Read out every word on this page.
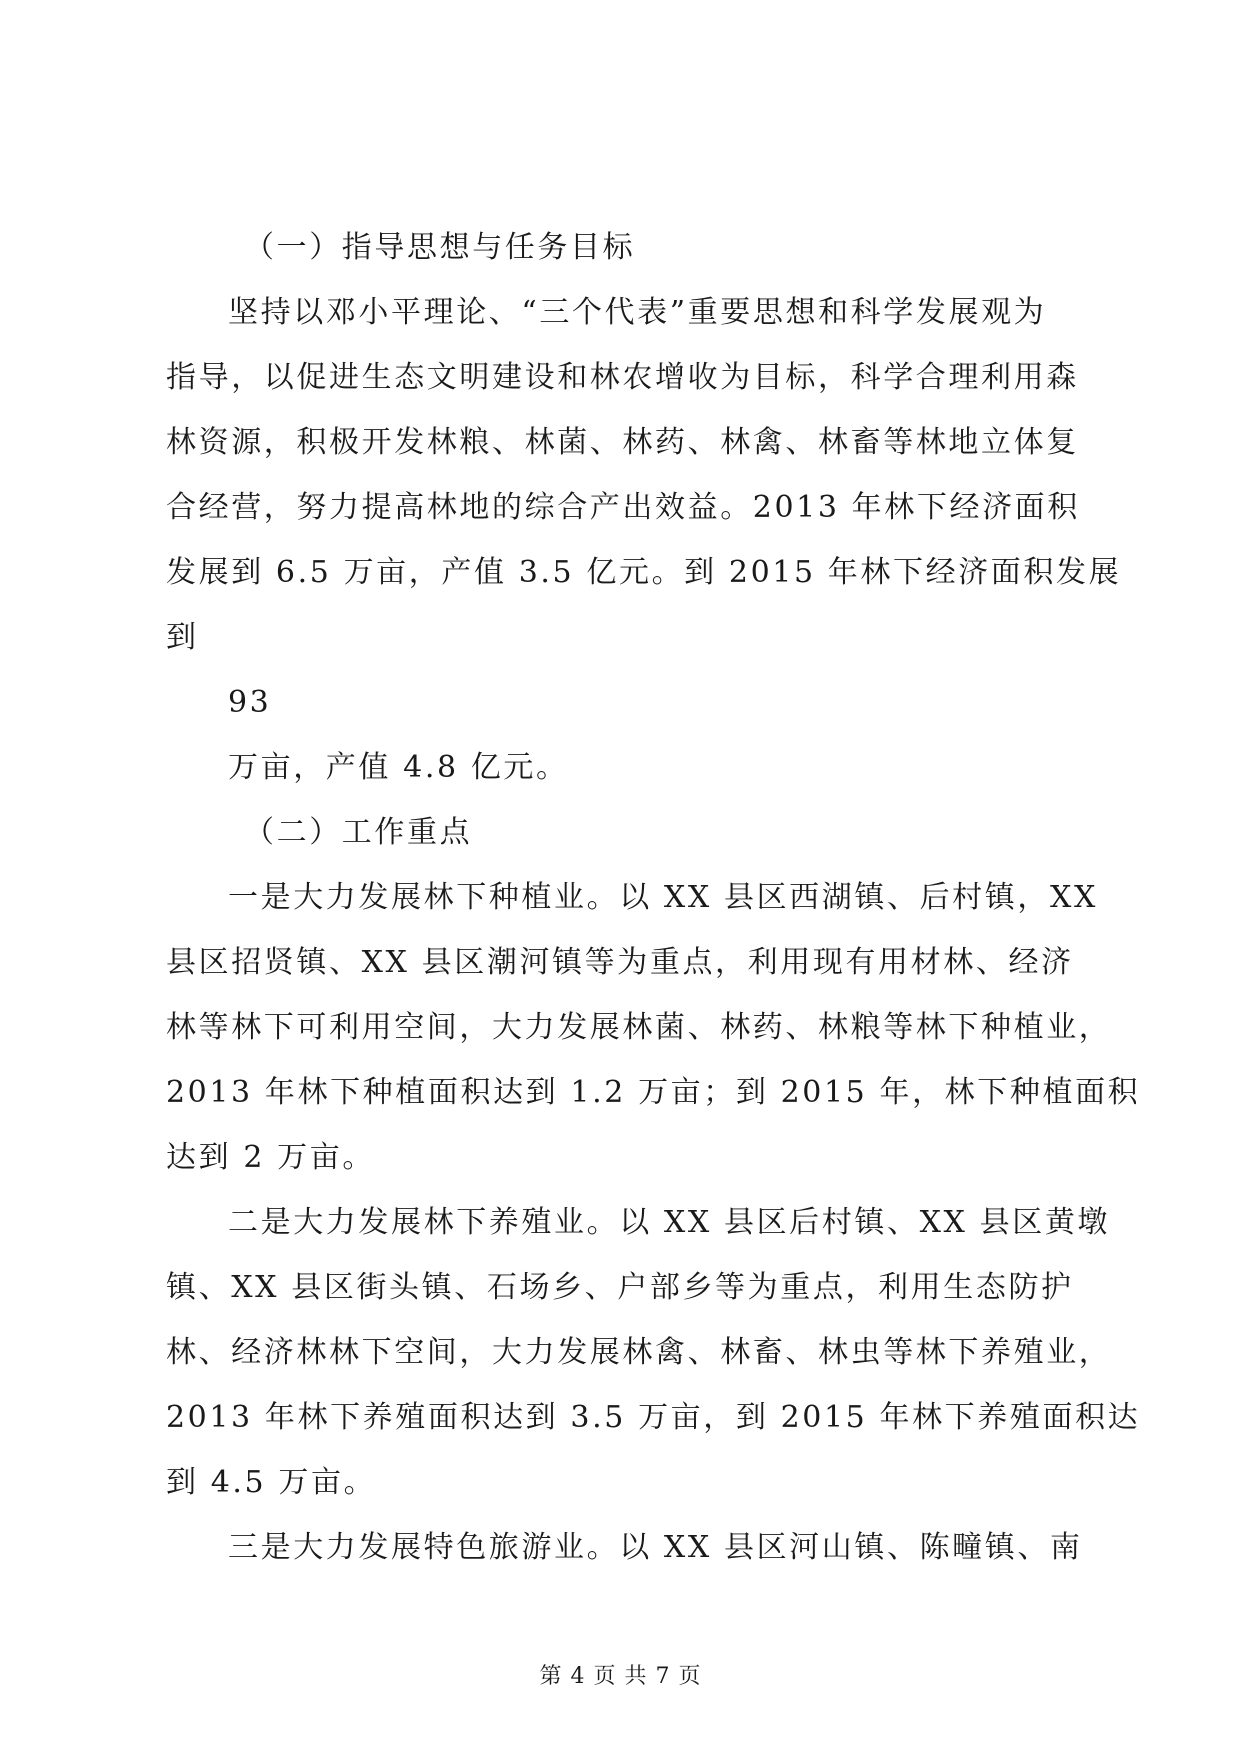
（一）指导思想与任务目标
坚持以邓小平理论、“三个代表”重要思想和科学发展观为
指导，以促进生态文明建设和林农增收为目标，科学合理利用森
林资源，积极开发林粮、林菌、林药、林禽、林畜等林地立体复
合经营，努力提高林地的综合产出效益。2013 年林下经济面积
发展到 6.5 万亩，产值 3.5 亿元。到 2015 年林下经济面积发展
到
93
万亩，产值 4.8 亿元。
（二）工作重点
一是大力发展林下种植业。以 XX 县区西湖镇、后村镇，XX
县区招贤镇、XX 县区潮河镇等为重点，利用现有用材林、经济
林等林下可利用空间，大力发展林菌、林药、林粮等林下种植业，
2013 年林下种植面积达到 1.2 万亩；到 2015 年，林下种植面积
达到 2 万亩。
二是大力发展林下养殖业。以 XX 县区后村镇、XX 县区黄墩
镇、XX 县区街头镇、石场乡、户部乡等为重点，利用生态防护
林、经济林林下空间，大力发展林禽、林畜、林虫等林下养殖业，
2013 年林下养殖面积达到 3.5 万亩，到 2015 年林下养殖面积达
到 4.5 万亩。
三是大力发展特色旅游业。以 XX 县区河山镇、陈疃镇、南
第 4 页 共 7 页
